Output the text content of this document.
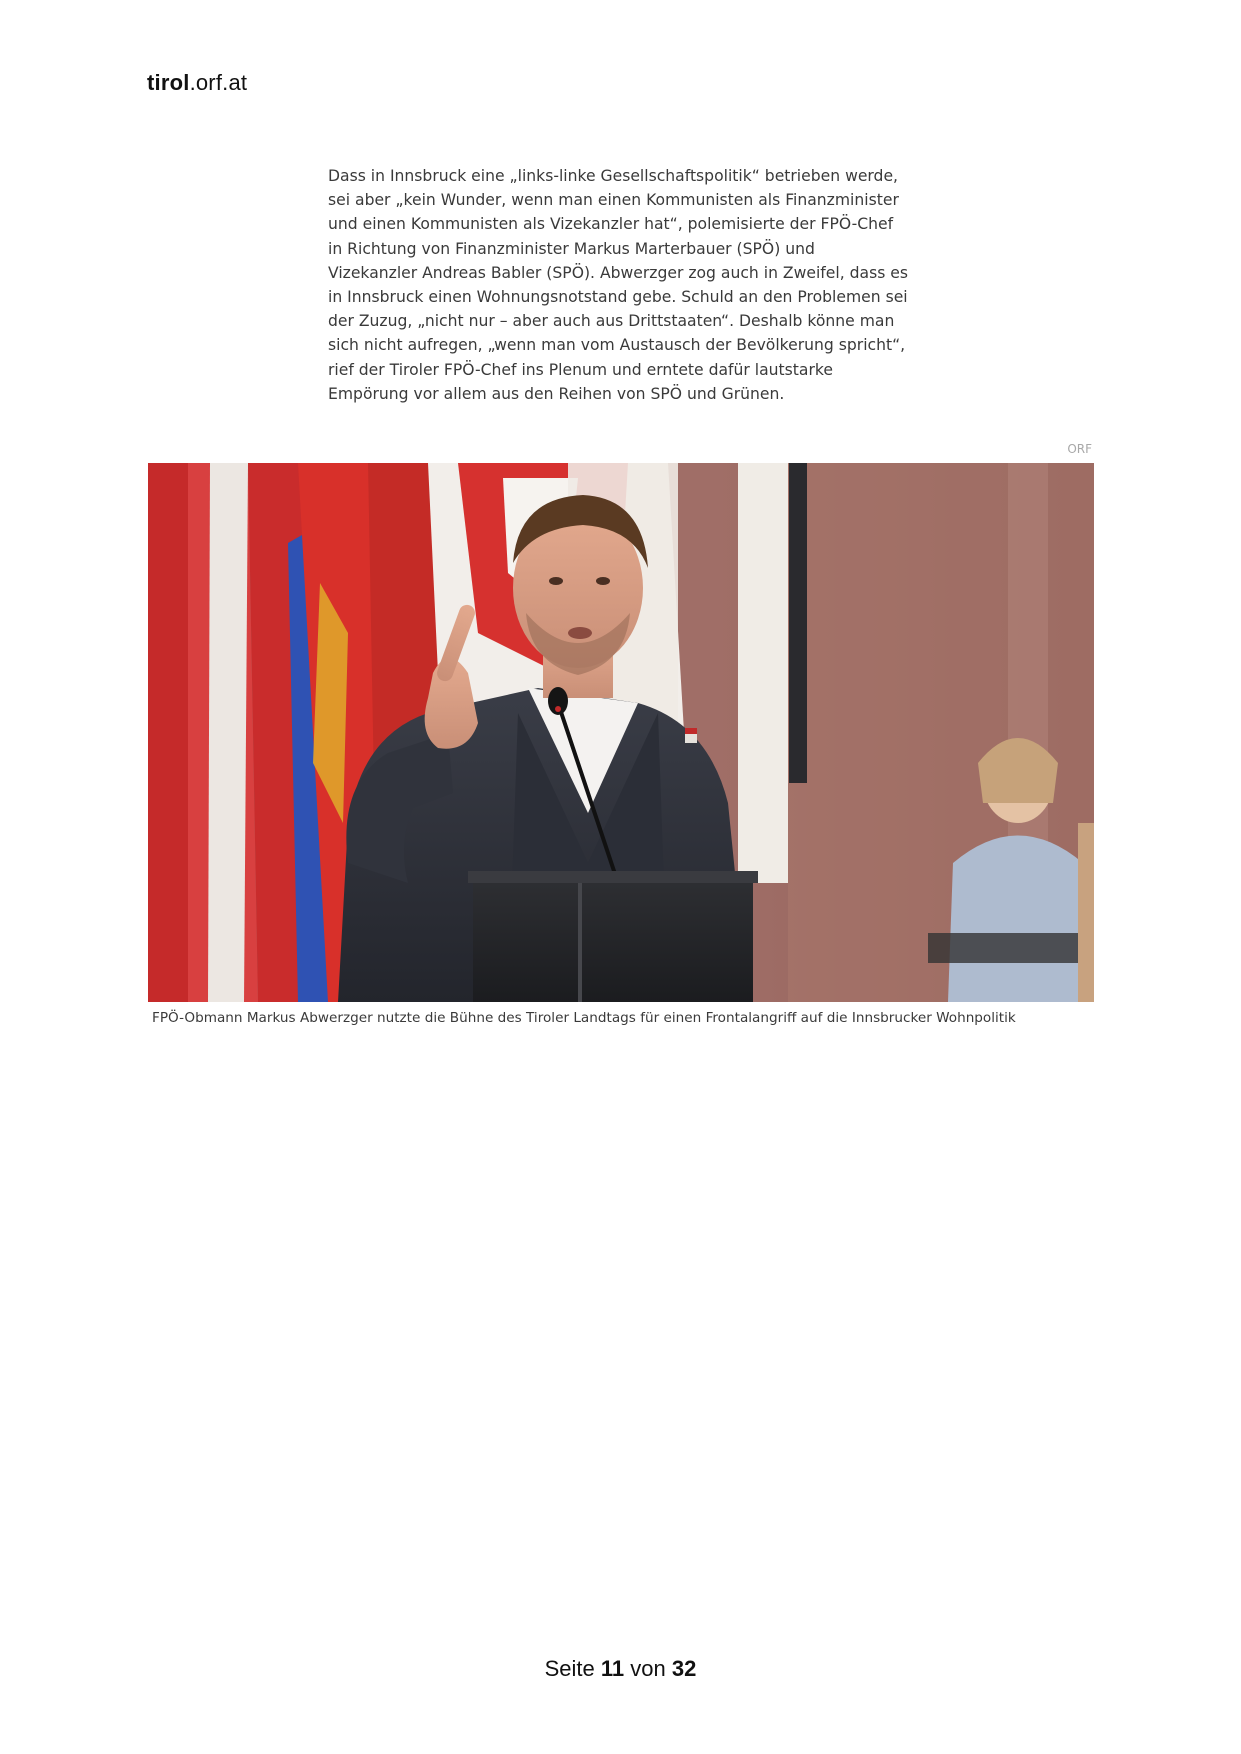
tirol.orf.at

Dass in Innsbruck eine „links-linke Gesellschaftspolitik“ betrieben werde, sei aber „kein Wunder, wenn man einen Kommunisten als Finanzminister und einen Kommunisten als Vizekanzler hat“, polemisierte der FPÖ-Chef in Richtung von Finanzminister Markus Marterbauer (SPÖ) und Vizekanzler Andreas Babler (SPÖ). Abwerzger zog auch in Zweifel, dass es in Innsbruck einen Wohnungsnotstand gebe. Schuld an den Problemen sei der Zuzug, „nicht nur – aber auch aus Drittstaaten“. Deshalb könne man sich nicht aufregen, „wenn man vom Austausch der Bevölkerung spricht“, rief der Tiroler FPÖ-Chef ins Plenum und erntete dafür lautstarke Empörung vor allem aus den Reihen von SPÖ und Grünen.

ORF
FPÖ-Obmann Markus Abwerzger nutzte die Bühne des Tiroler Landtags für einen Frontalangriff auf die Innsbrucker Wohnpolitik
Seite 11 von 32
